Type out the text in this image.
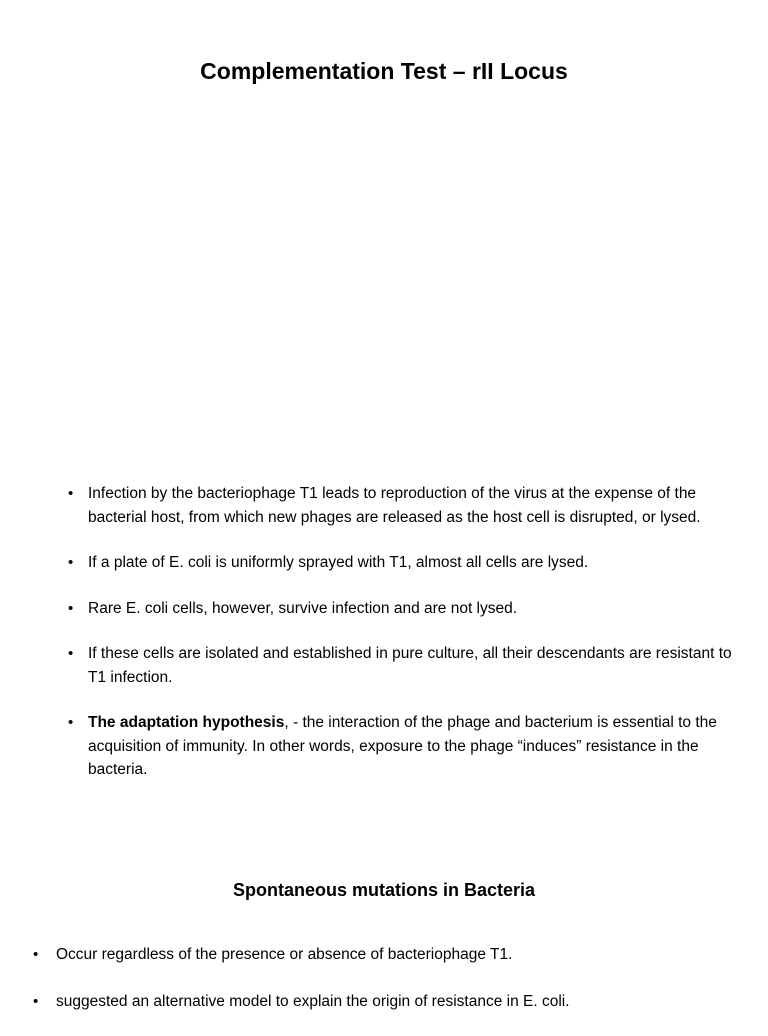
Complementation Test – rII Locus
• Infection by the bacteriophage T1 leads to reproduction of the virus at the expense of the bacterial host, from which new phages are released as the host cell is disrupted, or lysed.
• If a plate of E. coli is uniformly sprayed with T1, almost all cells are lysed.
• Rare E. coli cells, however, survive infection and are not lysed.
• If these cells are isolated and established in pure culture, all their descendants are resistant to T1 infection.
• The adaptation hypothesis, - the interaction of the phage and bacterium is essential to the acquisition of immunity. In other words, exposure to the phage “induces” resistance in the bacteria.
Spontaneous mutations in Bacteria
•	Occur regardless of the presence or absence of bacteriophage T1.
•	suggested an alternative model to explain the origin of resistance in E. coli.
